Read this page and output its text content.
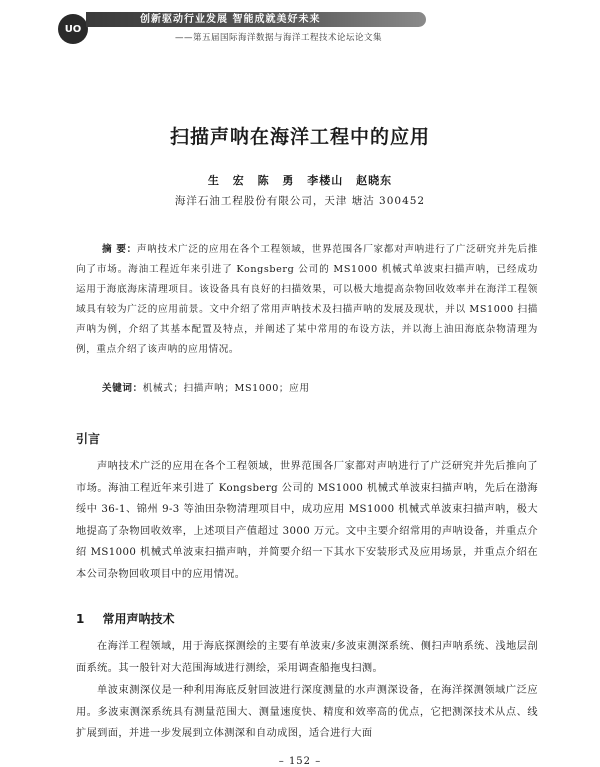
UO
创新驱动行业发展 智能成就美好未来
——第五届国际海洋数据与海洋工程技术论坛论文集
扫描声呐在海洋工程中的应用
生 宏 陈 勇 李楼山 赵晓东
海洋石油工程股份有限公司，天津 塘沽 300452

摘 要：声呐技术广泛的应用在各个工程领域，世界范围各厂家都对声呐进行了广泛研究并先后推向了市场。海油工程近年来引进了 Kongsberg 公司的 MS1000 机械式单波束扫描声呐，已经成功运用于海底海床清理项目。该设备具有良好的扫描效果，可以极大地提高杂物回收效率并在海洋工程领域具有较为广泛的应用前景。文中介绍了常用声呐技术及扫描声呐的发展及现状，并以 MS1000 扫描声呐为例，介绍了其基本配置及特点，并阐述了某中常用的布设方法，并以海上油田海底杂物清理为例，重点介绍了该声呐的应用情况。

关键词：机械式；扫描声呐；MS1000；应用
引言

声呐技术广泛的应用在各个工程领域，世界范围各厂家都对声呐进行了广泛研究并先后推向了市场。海油工程近年来引进了 Kongsberg 公司的 MS1000 机械式单波束扫描声呐，先后在渤海绥中 36-1、锦州 9-3 等油田杂物清理项目中，成功应用 MS1000 机械式单波束扫描声呐，极大地提高了杂物回收效率，上述项目产值超过 3000 万元。文中主要介绍常用的声呐设备，并重点介绍 MS1000 机械式单波束扫描声呐，并简要介绍一下其水下安装形式及应用场景，并重点介绍在本公司杂物回收项目中的应用情况。

1 常用声呐技术

在海洋工程领域，用于海底探测绘的主要有单波束/多波束测深系统、侧扫声呐系统、浅地层剖面系统。其一般针对大范围海域进行测绘，采用调查船拖曳扫测。

单波束测深仪是一种利用海底反射回波进行深度测量的水声测深设备，在海洋探测领域广泛应用。多波束测深系统具有测量范围大、测量速度快、精度和效率高的优点，它把测深技术从点、线扩展到面，并进一步发展到立体测深和自动成图，适合进行大面

– 152 –
